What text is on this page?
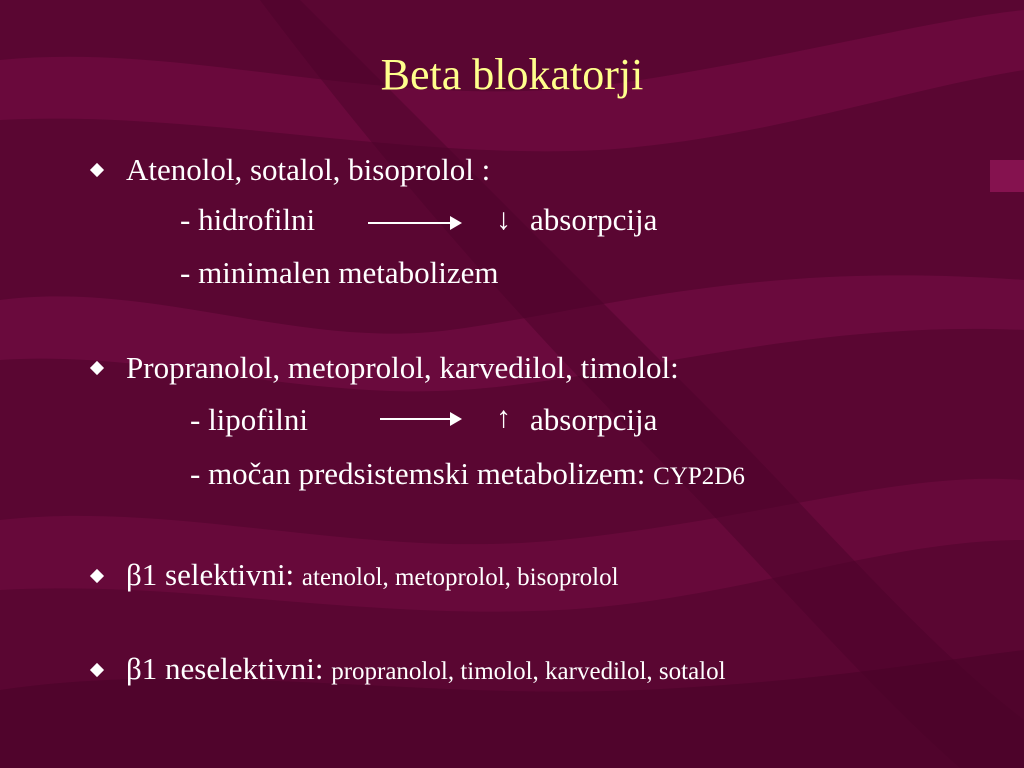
Beta blokatorji
Atenolol, sotalol, bisoprolol :
- hidrofilni	↓ absorpcija
- minimalen metabolizem
Propranolol, metoprolol, karvedilol, timolol:
- lipofilni	↑ absorpcija
- močan predsistemski metabolizem: CYP2D6
β1 selektivni: atenolol, metoprolol, bisoprolol
β1 neselektivni: propranolol, timolol, karvedilol, sotalol
